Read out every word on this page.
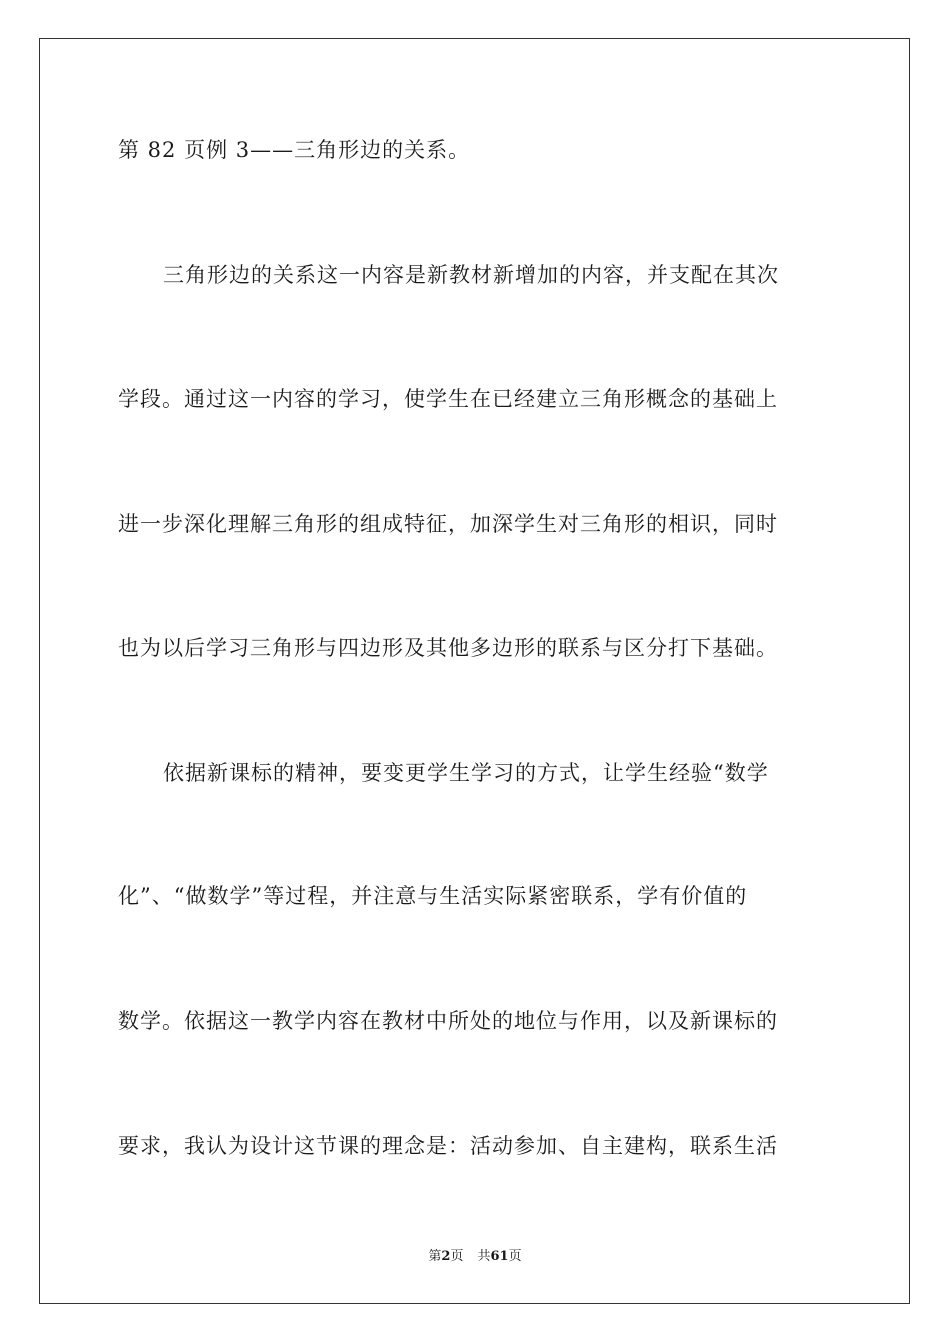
第 82 页例 3——三角形边的关系。
三角形边的关系这一内容是新教材新增加的内容，并支配在其次
学段。通过这一内容的学习，使学生在已经建立三角形概念的基础上
进一步深化理解三角形的组成特征，加深学生对三角形的相识，同时
也为以后学习三角形与四边形及其他多边形的联系与区分打下基础。
依据新课标的精神，要变更学生学习的方式，让学生经验“数学
化”、“做数学”等过程，并注意与生活实际紧密联系，学有价值的
数学。依据这一教学内容在教材中所处的地位与作用，以及新课标的
要求，我认为设计这节课的理念是：活动参加、自主建构，联系生活
第2页 共61页
